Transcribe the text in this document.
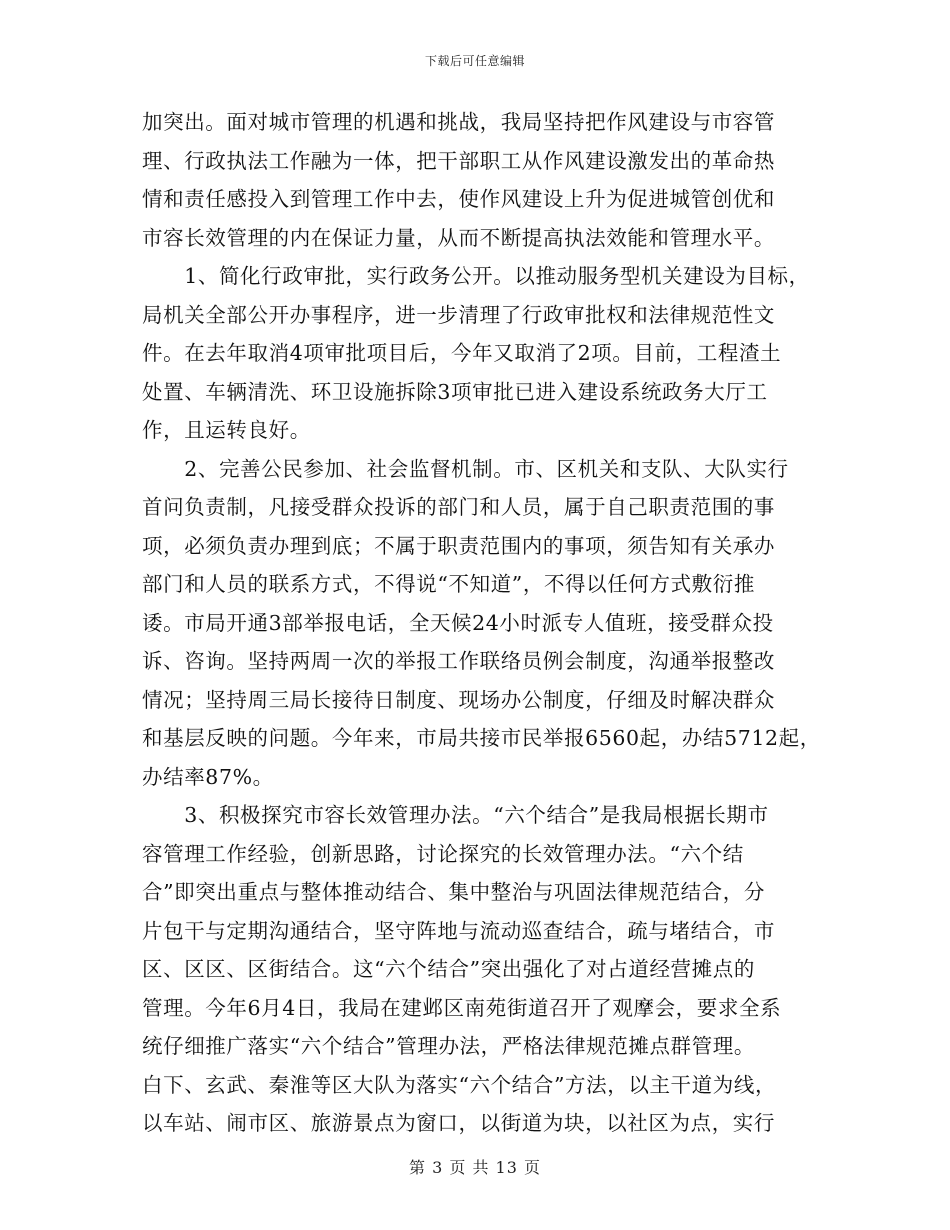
下载后可任意编辑
加突出。面对城市管理的机遇和挑战，我局坚持把作风建设与市容管
理、行政执法工作融为一体，把干部职工从作风建设激发出的革命热
情和责任感投入到管理工作中去，使作风建设上升为促进城管创优和
市容长效管理的内在保证力量，从而不断提高执法效能和管理水平。
　　1、简化行政审批，实行政务公开。以推动服务型机关建设为目标，
局机关全部公开办事程序，进一步清理了行政审批权和法律规范性文
件。在去年取消4项审批项目后，今年又取消了2项。目前，工程渣土
处置、车辆清洗、环卫设施拆除3项审批已进入建设系统政务大厅工
作，且运转良好。
　　2、完善公民参加、社会监督机制。市、区机关和支队、大队实行
首问负责制，凡接受群众投诉的部门和人员，属于自己职责范围的事
项，必须负责办理到底；不属于职责范围内的事项，须告知有关承办
部门和人员的联系方式，不得说“不知道”，不得以任何方式敷衍推
诿。市局开通3部举报电话，全天候24小时派专人值班，接受群众投
诉、咨询。坚持两周一次的举报工作联络员例会制度，沟通举报整改
情况；坚持周三局长接待日制度、现场办公制度，仔细及时解决群众
和基层反映的问题。今年来，市局共接市民举报6560起，办结5712起，
办结率87%。
　　3、积极探究市容长效管理办法。“六个结合”是我局根据长期市
容管理工作经验，创新思路，讨论探究的长效管理办法。“六个结
合”即突出重点与整体推动结合、集中整治与巩固法律规范结合，分
片包干与定期沟通结合，坚守阵地与流动巡查结合，疏与堵结合，市
区、区区、区街结合。这“六个结合”突出强化了对占道经营摊点的
管理。今年6月4日，我局在建邺区南苑街道召开了观摩会，要求全系
统仔细推广落实“六个结合”管理办法，严格法律规范摊点群管理。
白下、玄武、秦淮等区大队为落实“六个结合”方法，以主干道为线，
以车站、闹市区、旅游景点为窗口，以街道为块，以社区为点，实行
第 3 页 共 13 页
